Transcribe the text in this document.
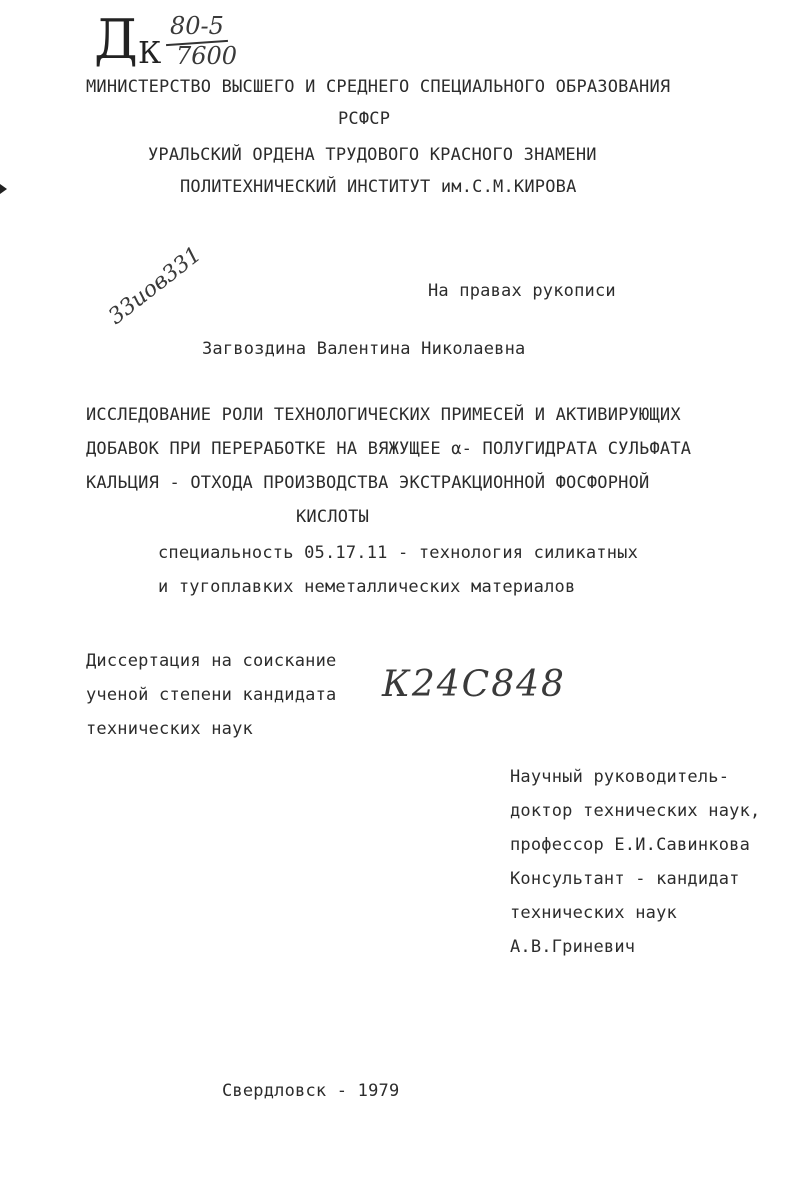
Д К
80-5
7600
МИНИСТЕРСТВО ВЫСШЕГО И СРЕДНЕГО СПЕЦИАЛЬНОГО ОБРАЗОВАНИЯ
РСФСР
УРАЛЬСКИЙ ОРДЕНА ТРУДОВОГО КРАСНОГО ЗНАМЕНИ
ПОЛИТЕХНИЧЕСКИЙ ИНСТИТУТ им.С.М.КИРОВА
33иов331	На правах рукописи
Загвоздина Валентина Николаевна
ИССЛЕДОВАНИЕ РОЛИ ТЕХНОЛОГИЧЕСКИХ ПРИМЕСЕЙ И АКТИВИРУЮЩИХ
ДОБАВОК ПРИ ПЕРЕРАБОТКЕ НА ВЯЖУЩЕЕ ⍺- ПОЛУГИДРАТА СУЛЬФАТА
КАЛЬЦИЯ - ОТХОДА ПРОИЗВОДСТВА ЭКСТРАКЦИОННОЙ ФОСФОРНОЙ
КИСЛОТЫ
специальность 05.17.11 - технология силикатных
и тугоплавких неметаллических материалов
Диссертация на соискание
ученой степени кандидата
технических наук
К24С848
Научный руководитель-
доктор технических наук,
профессор Е.И.Савинкова
Консультант - кандидат
технических наук
А.В.Гриневич
Свердловск - 1979
